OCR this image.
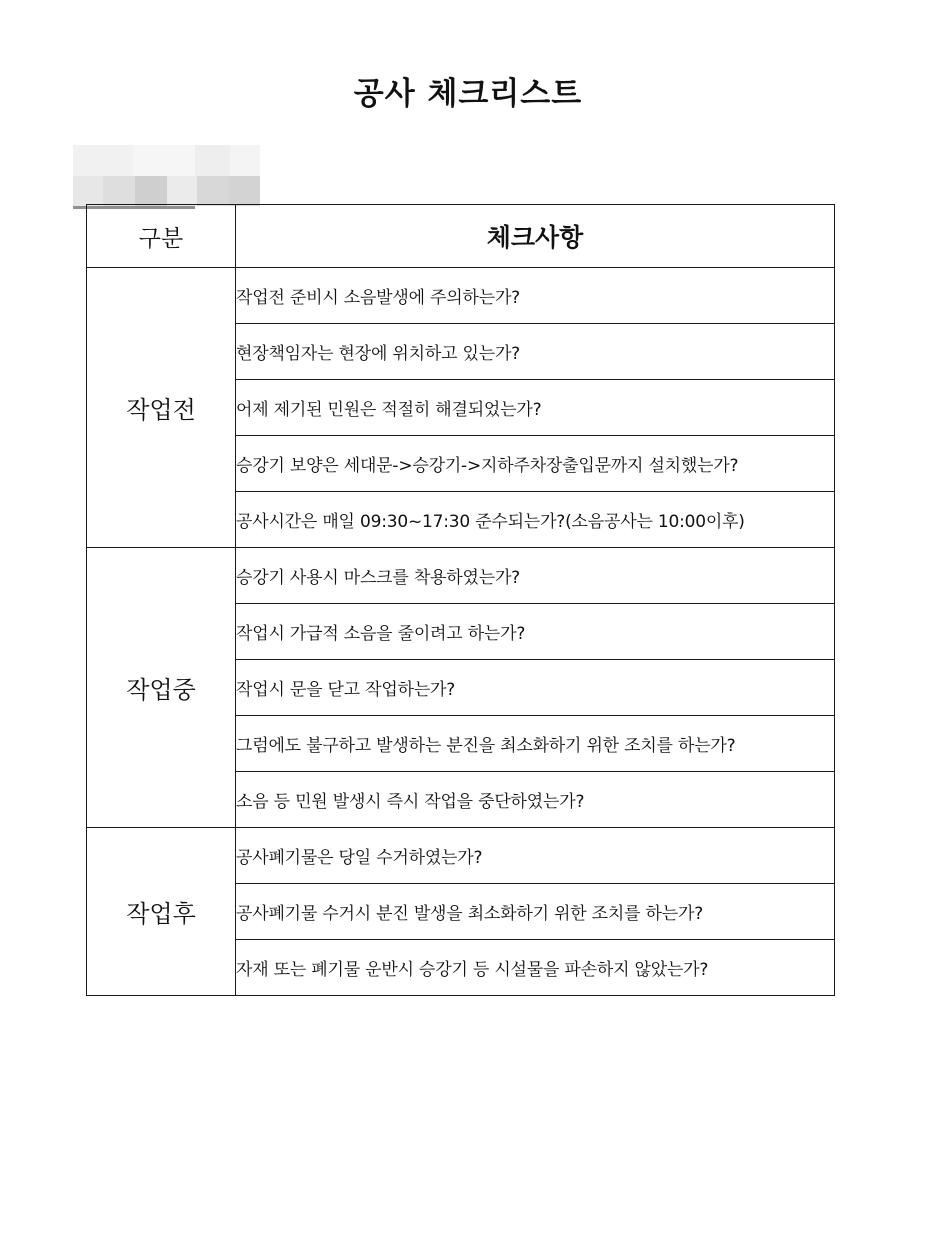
공사 체크리스트
구분	체크사항
작업전	작업전 준비시 소음발생에 주의하는가?
	현장책임자는 현장에 위치하고 있는가?
	어제 제기된 민원은 적절히 해결되었는가?
	승강기 보양은 세대문->승강기->지하주차장출입문까지 설치했는가?
	공사시간은 매일 09:30~17:30 준수되는가?(소음공사는 10:00이후)
작업중	승강기 사용시 마스크를 착용하였는가?
	작업시 가급적 소음을 줄이려고 하는가?
	작업시 문을 닫고 작업하는가?
	그럼에도 불구하고 발생하는 분진을 최소화하기 위한 조치를 하는가?
	소음 등 민원 발생시 즉시 작업을 중단하였는가?
작업후	공사폐기물은 당일 수거하였는가?
	공사폐기물 수거시 분진 발생을 최소화하기 위한 조치를 하는가?
	자재 또는 폐기물 운반시 승강기 등 시설물을 파손하지 않았는가?
